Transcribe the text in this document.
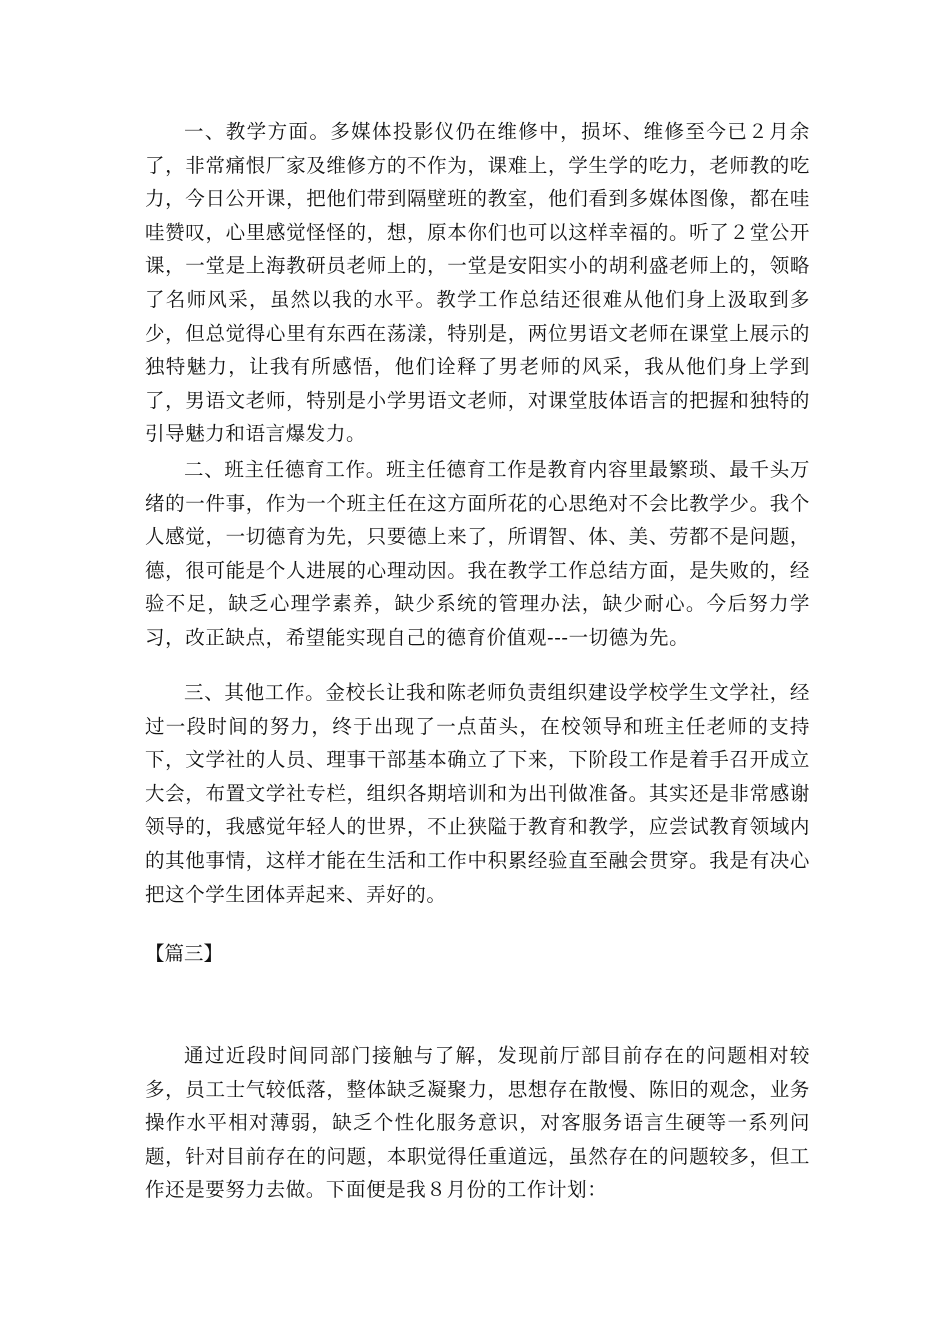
一、教学方面。多媒体投影仪仍在维修中，损坏、维修至今已２月余了，非常痛恨厂家及维修方的不作为，课难上，学生学的吃力，老师教的吃力，今日公开课，把他们带到隔壁班的教室，他们看到多媒体图像，都在哇哇赞叹，心里感觉怪怪的，想，原本你们也可以这样幸福的。听了２堂公开课，一堂是上海教研员老师上的，一堂是安阳实小的胡利盛老师上的，领略了名师风采，虽然以我的水平。教学工作总结还很难从他们身上汲取到多少，但总觉得心里有东西在荡漾，特别是，两位男语文老师在课堂上展示的独特魅力，让我有所感悟，他们诠释了男老师的风采，我从他们身上学到了，男语文老师，特别是小学男语文老师，对课堂肢体语言的把握和独特的引导魅力和语言爆发力。

二、班主任德育工作。班主任德育工作是教育内容里最繁琐、最千头万绪的一件事，作为一个班主任在这方面所花的心思绝对不会比教学少。我个人感觉，一切德育为先，只要德上来了，所谓智、体、美、劳都不是问题，德，很可能是个人进展的心理动因。我在教学工作总结方面，是失败的，经验不足，缺乏心理学素养，缺少系统的管理办法，缺少耐心。今后努力学习，改正缺点，希望能实现自己的德育价值观---一切德为先。

三、其他工作。金校长让我和陈老师负责组织建设学校学生文学社，经过一段时间的努力，终于出现了一点苗头，在校领导和班主任老师的支持下，文学社的人员、理事干部基本确立了下来，下阶段工作是着手召开成立大会，布置文学社专栏，组织各期培训和为出刊做准备。其实还是非常感谢领导的，我感觉年轻人的世界，不止狭隘于教育和教学，应尝试教育领域内的其他事情，这样才能在生活和工作中积累经验直至融会贯穿。我是有决心把这个学生团体弄起来、弄好的。

【篇三】

通过近段时间同部门接触与了解，发现前厅部目前存在的问题相对较多，员工士气较低落，整体缺乏凝聚力，思想存在散慢、陈旧的观念，业务操作水平相对薄弱，缺乏个性化服务意识，对客服务语言生硬等一系列问题，针对目前存在的问题，本职觉得任重道远，虽然存在的问题较多，但工作还是要努力去做。下面便是我８月份的工作计划：
